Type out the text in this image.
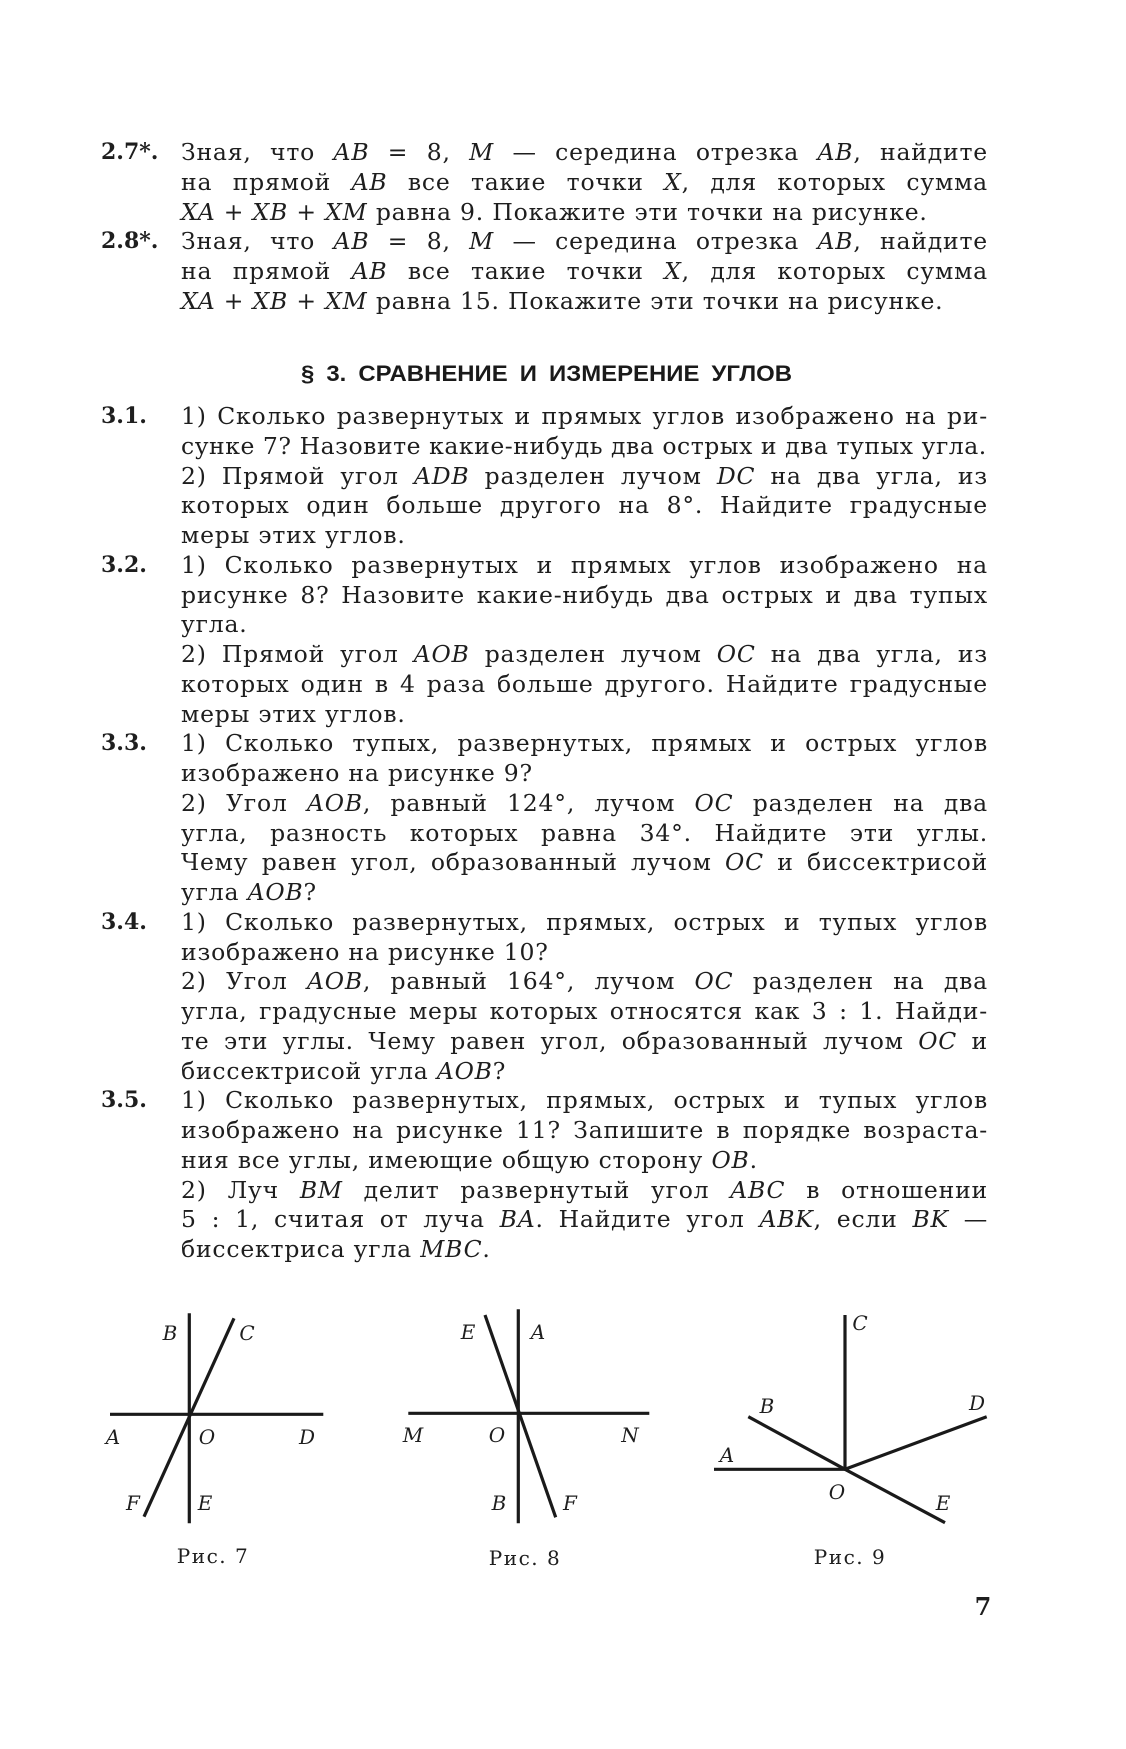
2.7*. Зная, что AB = 8, M — середина отрезка AB, найдите
на прямой AB все такие точки X, для которых сумма
XA + XB + XM равна 9. Покажите эти точки на рисунке.
2.8*. Зная, что AB = 8, M — середина отрезка AB, найдите
на прямой AB все такие точки X, для которых сумма
XA + XB + XM равна 15. Покажите эти точки на рисунке.
§ 3. СРАВНЕНИЕ И ИЗМЕРЕНИЕ УГЛОВ
3.1. 1) Сколько развернутых и прямых углов изображено на ри-
сунке 7? Назовите какие-нибудь два острых и два тупых угла.
2) Прямой угол ADB разделен лучом DC на два угла, из
которых один больше другого на 8°. Найдите градусные
меры этих углов.
3.2. 1) Сколько развернутых и прямых углов изображено на
рисунке 8? Назовите какие-нибудь два острых и два тупых
угла.
2) Прямой угол AOB разделен лучом OC на два угла, из
которых один в 4 раза больше другого. Найдите градусные
меры этих углов.
3.3. 1) Сколько тупых, развернутых, прямых и острых углов
изображено на рисунке 9?
2) Угол AOB, равный 124°, лучом OC разделен на два
угла, разность которых равна 34°. Найдите эти углы.
Чему равен угол, образованный лучом OC и биссектрисой
угла AOB?
3.4. 1) Сколько развернутых, прямых, острых и тупых углов
изображено на рисунке 10?
2) Угол AOB, равный 164°, лучом OC разделен на два
угла, градусные меры которых относятся как 3 : 1. Найди-
те эти углы. Чему равен угол, образованный лучом OC и
биссектрисой угла AOB?
3.5. 1) Сколько развернутых, прямых, острых и тупых углов
изображено на рисунке 11? Запишите в порядке возраста-
ния все углы, имеющие общую сторону OB.
2) Луч BM делит развернутый угол ABC в отношении
5 : 1, считая от луча BA. Найдите угол ABK, если BK —
биссектриса угла MBC.
B	C
A	O	D
F	E
Рис. 7
E	A
M	O	N
B	F
Рис. 8
C
B	D
A
O	E
Рис. 9
7
